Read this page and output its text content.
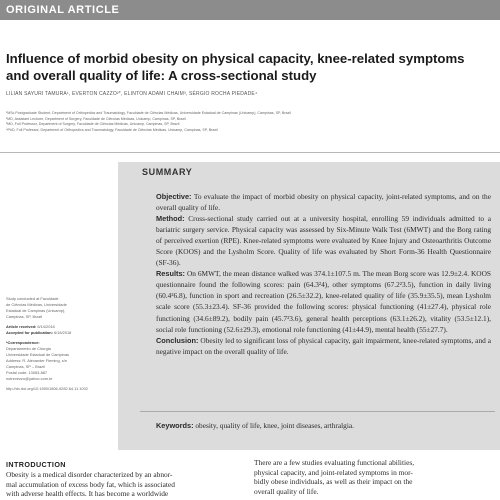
ORIGINAL ARTICLE
Influence of morbid obesity on physical capacity, knee-related symptoms and overall quality of life: A cross-sectional study
LILIAN SAYURI TAMURA¹, EVERTON CAZZO²*, ELINTON ADAMI CHAIM³, SÉRGIO ROCHA PIEDADE⁴
¹MSc Postgraduate Student, Department of Orthopedics and Traumatology, Faculdade de Ciências Médicas, Universidade Estadual de Campinas (Unicamp), Campinas, SP, Brazil
²MD, Assistant Lecturer, Department of Surgery, Faculdade de Ciências Médicas, Unicamp, Campinas, SP, Brazil
³MD, Full Professor, Department of Surgery, Faculdade de Ciências Médicas, Unicamp, Campinas, SP, Brazil
⁴PhD, Full Professor, Department of Orthopedics and Traumatology, Faculdade de Ciências Médicas, Unicamp, Campinas, SP, Brazil
SUMMARY

Objective: To evaluate the impact of morbid obesity on physical capacity, joint-related symptoms, and on the overall quality of life.

Method: Cross-sectional study carried out at a university hospital, enrolling 59 individuals admitted to a bariatric surgery service. Physical capacity was assessed by Six-Minute Walk Test (6MWT) and the Borg rating of perceived exertion (RPE). Knee-related symptoms were evaluated by Knee Injury and Osteoarthritis Outcome Score (KOOS) and the Lysholm Score. Quality of life was evaluated by Short Form-36 Health Questionnaire (SF-36).

Results: On 6MWT, the mean distance walked was 374.1±107.5 m. The mean Borg score was 12.9±2.4. KOOS questionnaire found the following scores: pain (64.3²4), other symptoms (67.2²3.5), function in daily living (60.4²6.8), function in sport and recreation (26.5±32.2), knee-related quality of life (35.9±35.5), mean Lysholm scale score (55.3±23.4). SF-36 provided the following scores: physical functioning (41±27.4), physical role functioning (34.6±89.2), bodily pain (45.7²3.6), general health perceptions (63.1±26.2), vitality (53.5±12.1), social role functioning (52.6±29.3), emotional role functioning (41±44.9), mental health (55±27.7).

Conclusion: Obesity led to significant loss of physical capacity, gait impairment, knee-related symptoms, and a negative impact on the overall quality of life.

Keywords: obesity, quality of life, knee, joint diseases, arthralgia.
Study conducted at Faculdade
de Ciências Médicas, Universidade
Estadual de Campinas (Unicamp),
Campinas, SP, Brazil
Article received: 6/14/2018
Accepted for publication: 6/18/2018
*Correspondence:
Departamento de Cirurgia
Universidade Estadual de Campinas
Address: R. Alexander Fleming, s/n
Campinas, SP – Brazil
Postal code: 13083-887
notrevezzo@yahoo.com.br
http://dx.doi.org/10.1590/1806-9282.64.11.1002
INTRODUCTION
Obesity is a medical disorder characterized by an abnor-
mal accumulation of excess body fat, which is associated
with adverse health effects. It has become a worldwide
There are a few studies evaluating functional abilities,
physical capacity, and joint-related symptoms in mor-
bidly obese individuals, as well as their impact on the
overall quality of life.
